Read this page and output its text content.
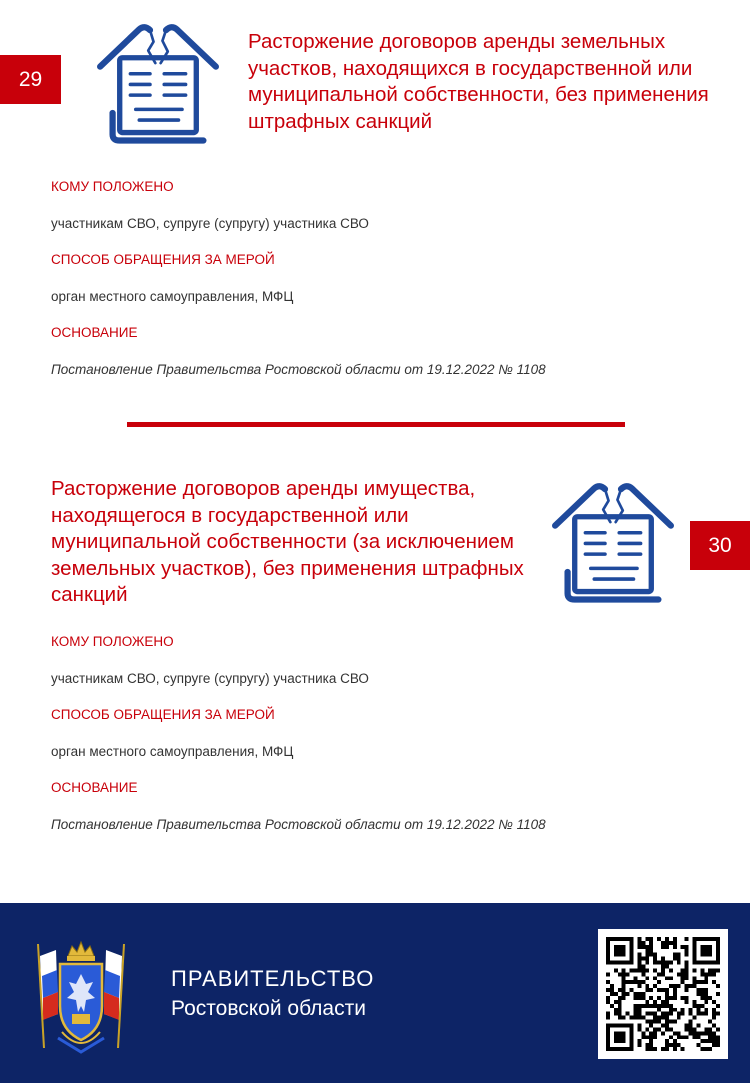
29
Расторжение договоров аренды земельных участков, находящихся в государственной или муниципальной собственности, без применения штрафных санкций
КОМУ ПОЛОЖЕНО
участникам СВО, супруге (супругу) участника СВО
СПОСОБ ОБРАЩЕНИЯ ЗА МЕРОЙ
орган местного самоуправления, МФЦ
ОСНОВАНИЕ
Постановление Правительства Ростовской области от 19.12.2022 № 1108
Расторжение договоров аренды имущества, находящегося в государственной или муниципальной собственности (за исключением земельных участков), без применения штрафных санкций
30
КОМУ ПОЛОЖЕНО
участникам СВО, супруге (супругу) участника СВО
СПОСОБ ОБРАЩЕНИЯ ЗА МЕРОЙ
орган местного самоуправления, МФЦ
ОСНОВАНИЕ
Постановление Правительства Ростовской области от 19.12.2022 № 1108
ПРАВИТЕЛЬСТВО
Ростовской области
